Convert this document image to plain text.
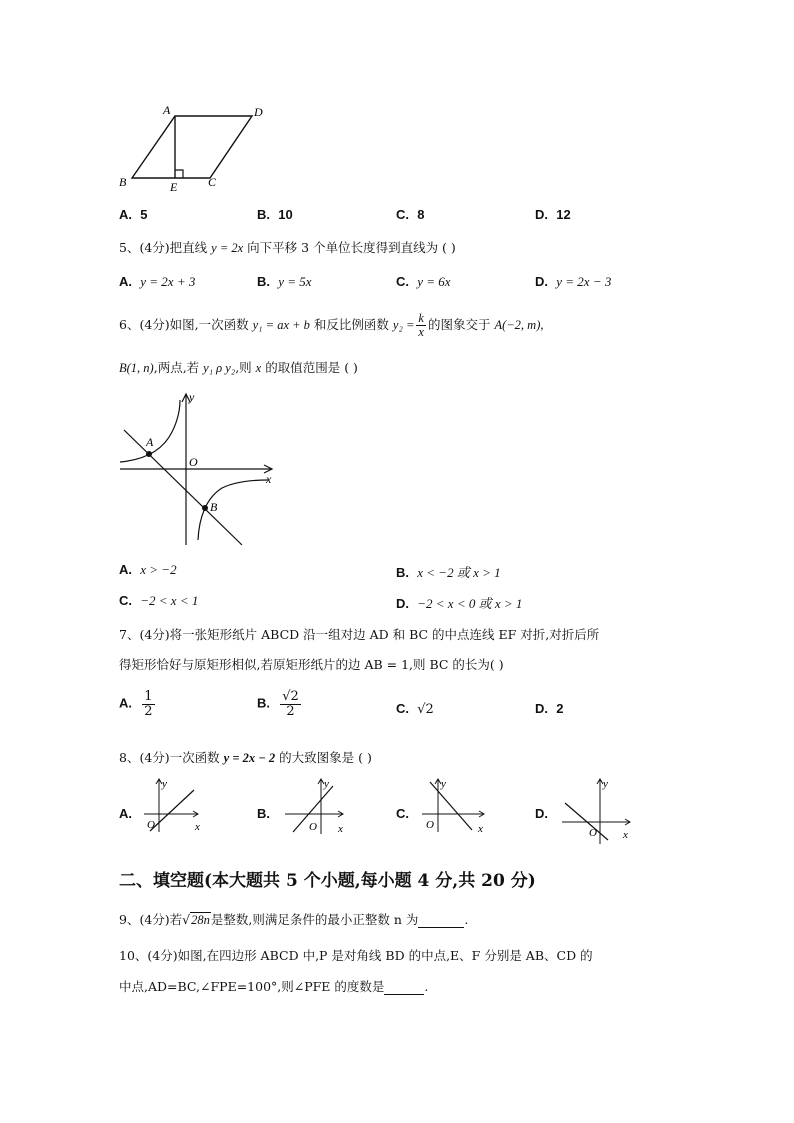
A	D
B	E	C
A. 5	B. 10	C. 8	D. 12
5、(4分)把直线 y = 2x 向下平移 3 个单位长度得到直线为 ( )
A. y = 2x + 3	B. y = 5x	C. y = 6x	D. y = 2x − 3
6、(4分)如图,一次函数 y₁ = ax + b 和反比例函数 $y_2 = \frac{k}{x}$ 的图象交于 A(−2, m),
B(1, n),两点,若 y₁ ρ y₂,则 x 的取值范围是 ( )
y
x
O
A
B
A. x > −2	B. x < −2 或 x > 1
C. −2 < x < 1	D. −2 < x < 0 或 x > 1
7、(4分)将一张矩形纸片 ABCD 沿一组对边 AD 和 BC 的中点连线 EF 对折,对折后所
得矩形恰好与原矩形相似,若原矩形纸片的边 AB = 1,则 BC 的长为( )
A. $\frac{1}{2}$	B. $\frac{√2}{2}$	C. √2	D. 2
8、(4分)一次函数 y = 2x − 2 的大致图象是 ( )
A.	B.	C.	D.
y
x
O
y
x
O
y
x
O
y
x
O
二、填空题(本大题共 5 个小题,每小题 4 分,共 20 分)
9、(4分)若√28n是整数,则满足条件的最小正整数 n 为	.
10、(4分)如图,在四边形 ABCD 中,P 是对角线 BD 的中点,E、F 分别是 AB、CD 的
中点,AD=BC,∠FPE=100°,则∠PFE 的度数是	.
